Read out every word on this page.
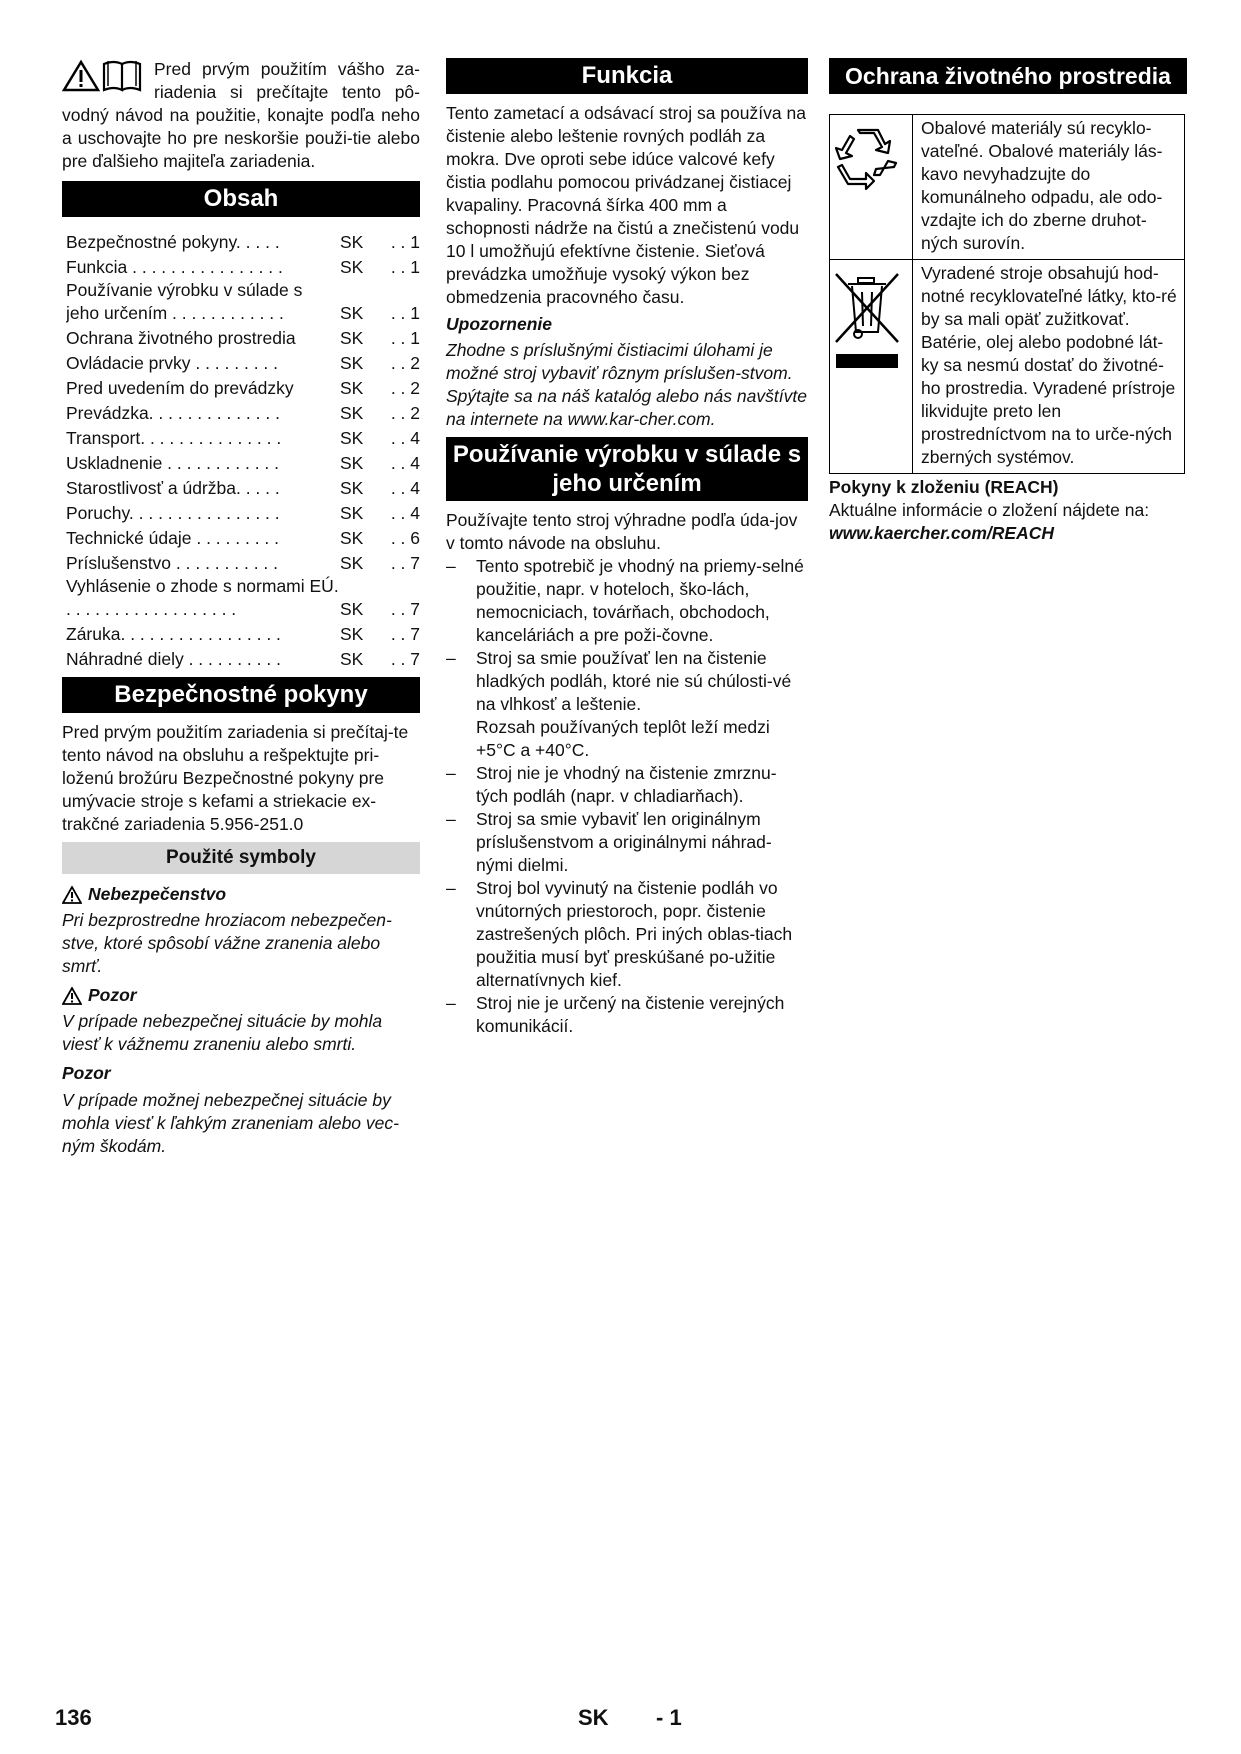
Pred prvým použitím vášho za-riadenia si prečítajte tento pô-vodný návod na použitie, konajte podľa neho a uschovajte ho pre neskoršie použi-tie alebo pre ďalšieho majiteľa zariadenia.

Obsah
Bezpečnostné pokyny. . . . .	SK	. . 1
Funkcia . . . . . . . . . . . . . . . .	SK	. . 1
Používanie výrobku v súlade s jeho určením . . . . . . . . . . . .	SK	. . 1
Ochrana životného prostredia	SK	. . 1
Ovládacie prvky . . . . . . . . .	SK	. . 2
Pred uvedením do prevádzky	SK	. . 2
Prevádzka. . . . . . . . . . . . . .	SK	. . 2
Transport. . . . . . . . . . . . . . .	SK	. . 4
Uskladnenie . . . . . . . . . . . .	SK	. . 4
Starostlivosť a údržba. . . . .	SK	. . 4
Poruchy. . . . . . . . . . . . . . . .	SK	. . 4
Technické údaje . . . . . . . . .	SK	. . 6
Príslušenstvo . . . . . . . . . . .	SK	. . 7
Vyhlásenie o zhode s normami EÚ. . . . . . . . . . . . . . . . . . .	SK	. . 7
Záruka. . . . . . . . . . . . . . . . .	SK	. . 7
Náhradné diely . . . . . . . . . .	SK	. . 7
Bezpečnostné pokyny

Pred prvým použitím zariadenia si prečítaj-te tento návod na obsluhu a rešpektujte pri-loženú brožúru Bezpečnostné pokyny pre umývacie stroje s kefami a striekacie ex-trakčné zariadenia 5.956-251.0

Použité symboly
Nebezpečenstvo

Pri bezprostredne hroziacom nebezpečen-stve, ktoré spôsobí vážne zranenia alebo smrť.

Pozor

V prípade nebezpečnej situácie by mohla viesť k vážnemu zraneniu alebo smrti.

Pozor

V prípade možnej nebezpečnej situácie by mohla viesť k ľahkým zraneniam alebo vec-ným škodám.

Funkcia

Tento zametací a odsávací stroj sa používa na čistenie alebo leštenie rovných podláh za mokra. Dve oproti sebe idúce valcové kefy čistia podlahu pomocou privádzanej čistiacej kvapaliny. Pracovná šírka 400 mm a schopnosti nádrže na čistú a znečistenú vodu 10 l umožňujú efektívne čistenie. Sieťová prevádzka umožňuje vysoký výkon bez obmedzenia pracovného času.

Upozornenie

Zhodne s príslušnými čistiacimi úlohami je možné stroj vybaviť rôznym príslušen-stvom. Spýtajte sa na náš katalóg alebo nás navštívte na internete na www.kar-cher.com.

Používanie výrobku v súlade s jeho určením

Používajte tento stroj výhradne podľa úda-jov v tomto návode na obsluhu.

– Tento spotrebič je vhodný na priemy-selné použitie, napr. v hoteloch, ško-lách, nemocniciach, továrňach, obchodoch, kanceláriách a pre poži-čovne.
– Stroj sa smie používať len na čistenie hladkých podláh, ktoré nie sú chúlosti-vé na vlhkosť a leštenie.
Rozsah používaných teplôt leží medzi +5°C a +40°C.
– Stroj nie je vhodný na čistenie zmrznu-tých podláh (napr. v chladiarňach).
– Stroj sa smie vybaviť len originálnym príslušenstvom a originálnymi náhrad-nými dielmi.
– Stroj bol vyvinutý na čistenie podláh vo vnútorných priestoroch, popr. čistenie zastrešených plôch. Pri iných oblas-tiach použitia musí byť preskúšané po-užitie alternatívnych kief.
– Stroj nie je určený na čistenie verejných komunikácií.
Ochrana životného prostredia

Obalové materiály sú recyklo-vateľné. Obalové materiály lás-kavo nevyhadzujte do komunálneho odpadu, ale odo-vzdajte ich do zberne druhot-ných surovín.

Vyradené stroje obsahujú hod-notné recyklovateľné látky, kto-ré by sa mali opäť zužitkovať. Batérie, olej alebo podobné lát-ky sa nesmú dostať do životné-ho prostredia. Vyradené prístroje likvidujte preto len prostredníctvom na to urče-ných zberných systémov.

Pokyny k zloženiu (REACH)

Aktuálne informácie o zložení nájdete na:

www.kaercher.com/REACH

136	SK - 1
